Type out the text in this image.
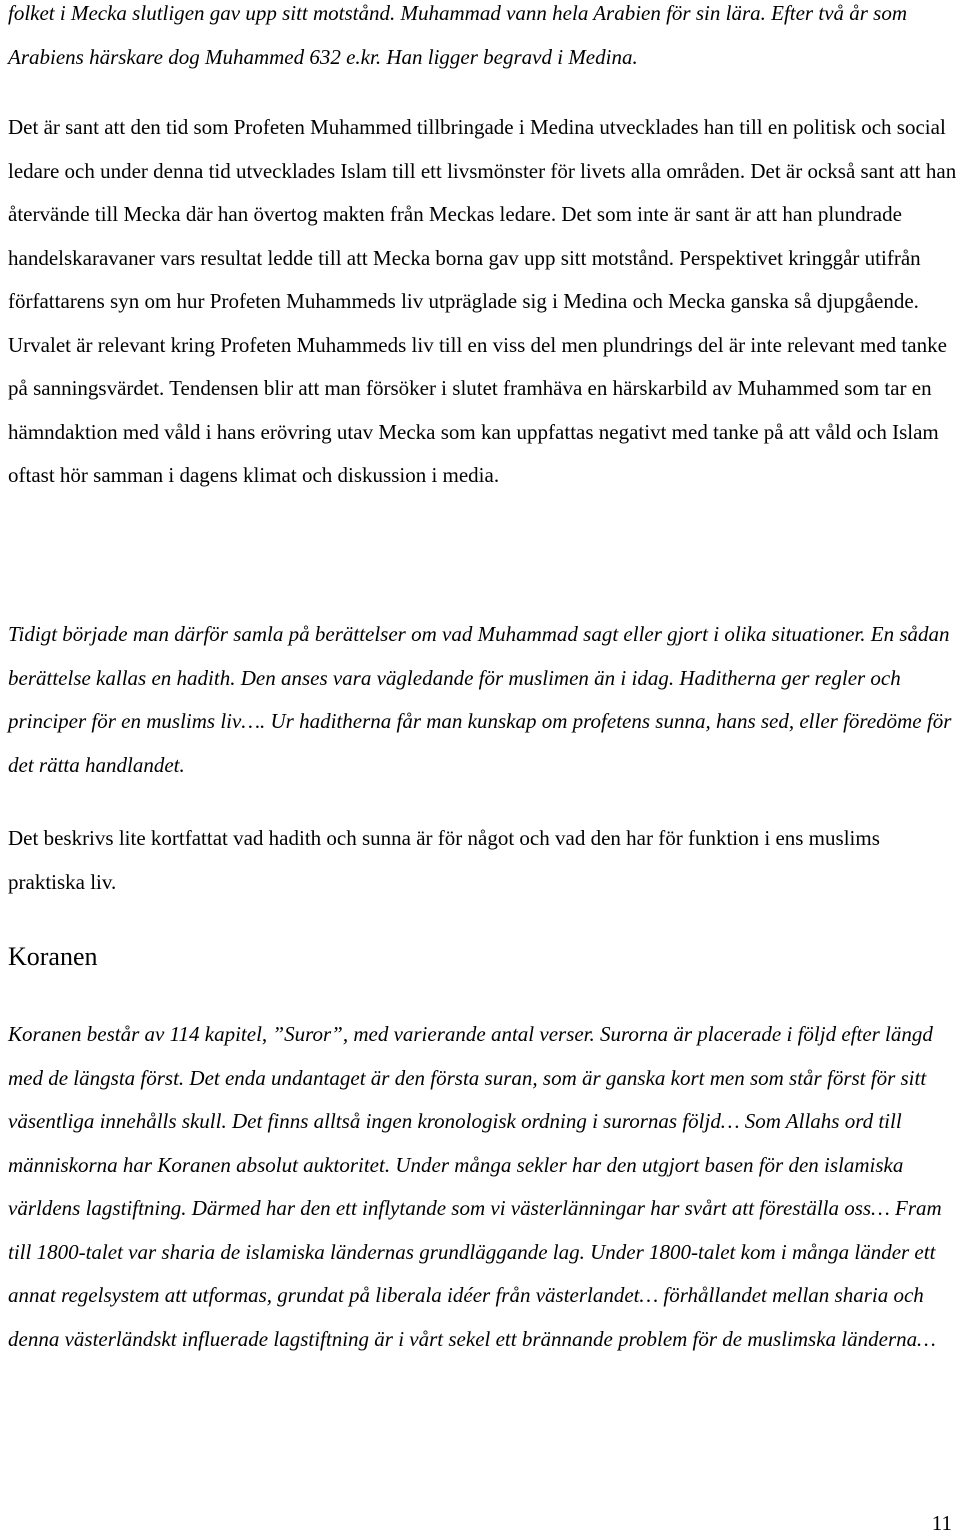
folket i Mecka slutligen gav upp sitt motstånd. Muhammad vann hela Arabien för sin lära. Efter två år som Arabiens härskare dog Muhammed 632 e.kr. Han ligger begravd i Medina.

Det är sant att den tid som Profeten Muhammed tillbringade i Medina utvecklades han till en politisk och social ledare och under denna tid utvecklades Islam till ett livsmönster för livets alla områden. Det är också sant att han återvände till Mecka där han övertog makten från Meckas ledare. Det som inte är sant är att han plundrade handelskaravaner vars resultat ledde till att Mecka borna gav upp sitt motstånd. Perspektivet kringgår utifrån författarens syn om hur Profeten Muhammeds liv utpräglade sig i Medina och Mecka ganska så djupgående. Urvalet är relevant kring Profeten Muhammeds liv till en viss del men plundrings del är inte relevant med tanke på sanningsvärdet. Tendensen blir att man försöker i slutet framhäva en härskarbild av Muhammed som tar en hämndaktion med våld i hans erövring utav Mecka som kan uppfattas negativt med tanke på att våld och Islam oftast hör samman i dagens klimat och diskussion i media.

Tidigt började man därför samla på berättelser om vad Muhammad sagt eller gjort i olika situationer. En sådan berättelse kallas en hadith. Den anses vara vägledande för muslimen än i idag. Haditherna ger regler och principer för en muslims liv…. Ur haditherna får man kunskap om profetens sunna, hans sed, eller föredöme för det rätta handlandet.

Det beskrivs lite kortfattat vad hadith och sunna är för något och vad den har för funktion i ens muslims praktiska liv.

Koranen består av 114 kapitel, ”Suror”, med varierande antal verser. Surorna är placerade i följd efter längd med de längsta först. Det enda undantaget är den första suran, som är ganska kort men som står först för sitt väsentliga innehålls skull. Det finns alltså ingen kronologisk ordning i surornas följd… Som Allahs ord till människorna har Koranen absolut auktoritet. Under många sekler har den utgjort basen för den islamiska världens lagstiftning. Därmed har den ett inflytande som vi västerlänningar har svårt att föreställa oss… Fram till 1800-talet var sharia de islamiska ländernas grundläggande lag. Under 1800-talet kom i många länder ett annat regelsystem att utformas, grundat på liberala idéer från västerlandet… förhållandet mellan sharia och denna västerländskt influerade lagstiftning är i vårt sekel ett brännande problem för de muslimska länderna…

Koranen
11
